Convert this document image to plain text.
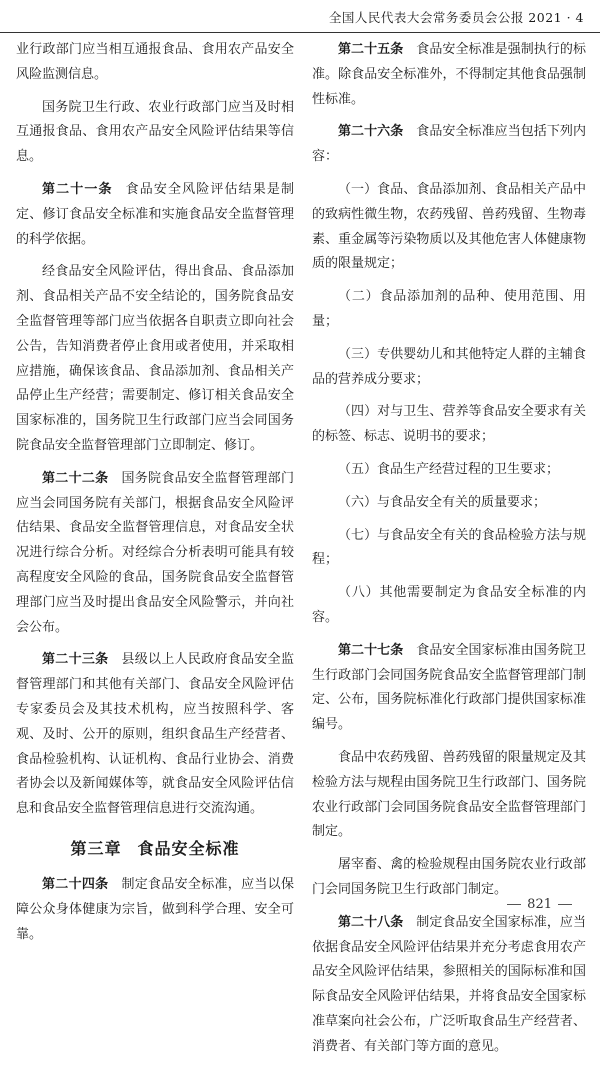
全国人民代表大会常务委员会公报 2021 · 4

业行政部门应当相互通报食品、食用农产品安全风险监测信息。

国务院卫生行政、农业行政部门应当及时相互通报食品、食用农产品安全风险评估结果等信息。

第二十一条 食品安全风险评估结果是制定、修订食品安全标准和实施食品安全监督管理的科学依据。

经食品安全风险评估，得出食品、食品添加剂、食品相关产品不安全结论的，国务院食品安全监督管理等部门应当依据各自职责立即向社会公告，告知消费者停止食用或者使用，并采取相应措施，确保该食品、食品添加剂、食品相关产品停止生产经营；需要制定、修订相关食品安全国家标准的，国务院卫生行政部门应当会同国务院食品安全监督管理部门立即制定、修订。

第二十二条 国务院食品安全监督管理部门应当会同国务院有关部门，根据食品安全风险评估结果、食品安全监督管理信息，对食品安全状况进行综合分析。对经综合分析表明可能具有较高程度安全风险的食品，国务院食品安全监督管理部门应当及时提出食品安全风险警示，并向社会公布。

第二十三条 县级以上人民政府食品安全监督管理部门和其他有关部门、食品安全风险评估专家委员会及其技术机构，应当按照科学、客观、及时、公开的原则，组织食品生产经营者、食品检验机构、认证机构、食品行业协会、消费者协会以及新闻媒体等，就食品安全风险评估信息和食品安全监督管理信息进行交流沟通。

第三章 食品安全标准

第二十四条 制定食品安全标准，应当以保障公众身体健康为宗旨，做到科学合理、安全可靠。

第二十五条 食品安全标准是强制执行的标准。除食品安全标准外，不得制定其他食品强制性标准。

第二十六条 食品安全标准应当包括下列内容：

（一）食品、食品添加剂、食品相关产品中的致病性微生物，农药残留、兽药残留、生物毒素、重金属等污染物质以及其他危害人体健康物质的限量规定；

（二）食品添加剂的品种、使用范围、用量；

（三）专供婴幼儿和其他特定人群的主辅食品的营养成分要求；

（四）对与卫生、营养等食品安全要求有关的标签、标志、说明书的要求；

（五）食品生产经营过程的卫生要求；

（六）与食品安全有关的质量要求；

（七）与食品安全有关的食品检验方法与规程；

（八）其他需要制定为食品安全标准的内容。

第二十七条 食品安全国家标准由国务院卫生行政部门会同国务院食品安全监督管理部门制定、公布，国务院标准化行政部门提供国家标准编号。

食品中农药残留、兽药残留的限量规定及其检验方法与规程由国务院卫生行政部门、国务院农业行政部门会同国务院食品安全监督管理部门制定。

屠宰畜、禽的检验规程由国务院农业行政部门会同国务院卫生行政部门制定。

第二十八条 制定食品安全国家标准，应当依据食品安全风险评估结果并充分考虑食用农产品安全风险评估结果，参照相关的国际标准和国际食品安全风险评估结果，并将食品安全国家标准草案向社会公布，广泛听取食品生产经营者、消费者、有关部门等方面的意见。

821
